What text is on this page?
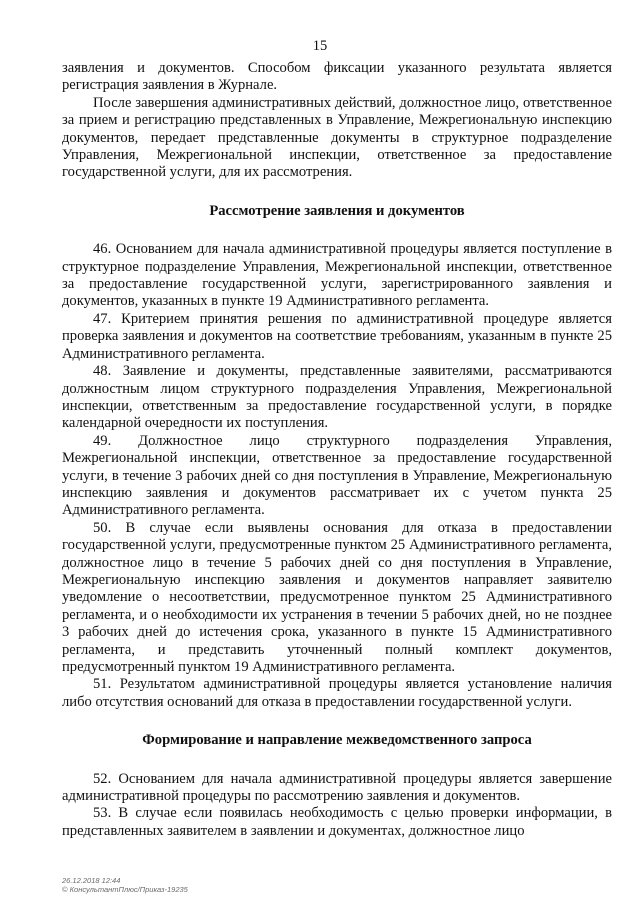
15

заявления и документов. Способом фиксации указанного результата является регистрация заявления в Журнале.

После завершения административных действий, должностное лицо, ответственное за прием и регистрацию представленных в Управление, Межрегиональную инспекцию документов, передает представленные документы в структурное подразделение Управления, Межрегиональной инспекции, ответственное за предоставление государственной услуги, для их рассмотрения.

Рассмотрение заявления и документов

46. Основанием для начала административной процедуры является поступление в структурное подразделение Управления, Межрегиональной инспекции, ответственное за предоставление государственной услуги, зарегистрированного заявления и документов, указанных в пункте 19 Административного регламента.

47. Критерием принятия решения по административной процедуре является проверка заявления и документов на соответствие требованиям, указанным в пункте 25 Административного регламента.

48. Заявление и документы, представленные заявителями, рассматриваются должностным лицом структурного подразделения Управления, Межрегиональной инспекции, ответственным за предоставление государственной услуги, в порядке календарной очередности их поступления.

49. Должностное лицо структурного подразделения Управления, Межрегиональной инспекции, ответственное за предоставление государственной услуги, в течение 3 рабочих дней со дня поступления в Управление, Межрегиональную инспекцию заявления и документов рассматривает их с учетом пункта 25 Административного регламента.

50. В случае если выявлены основания для отказа в предоставлении государственной услуги, предусмотренные пунктом 25 Административного регламента, должностное лицо в течение 5 рабочих дней со дня поступления в Управление, Межрегиональную инспекцию заявления и документов направляет заявителю уведомление о несоответствии, предусмотренное пунктом 25 Административного регламента, и о необходимости их устранения в течении 5 рабочих дней, но не позднее 3 рабочих дней до истечения срока, указанного в пункте 15 Административного регламента, и представить уточненный полный комплект документов, предусмотренный пунктом 19 Административного регламента.

51. Результатом административной процедуры является установление наличия либо отсутствия оснований для отказа в предоставлении государственной услуги.

Формирование и направление межведомственного запроса

52. Основанием для начала административной процедуры является завершение административной процедуры по рассмотрению заявления и документов.

53. В случае если появилась необходимость с целью проверки информации, в представленных заявителем в заявлении и документах, должностное лицо

26.12.2018 12:44
© КонсультантПлюс/Приказ-19235
